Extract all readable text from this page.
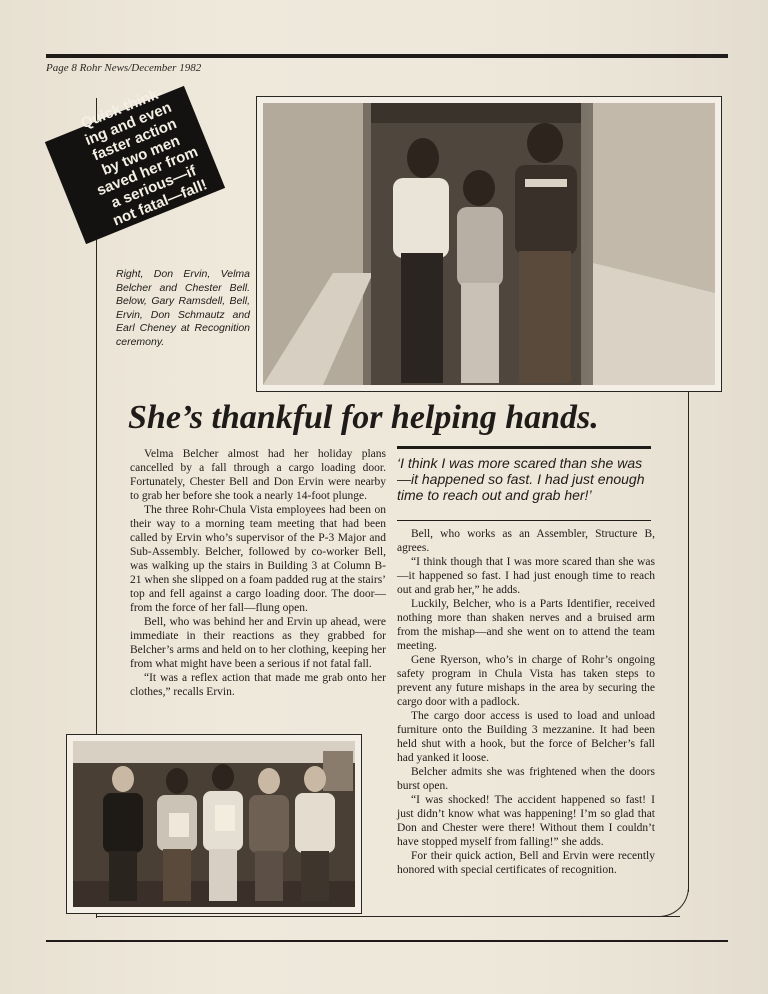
Page 8 Rohr News/December 1982
Quick think-
ing and even
faster action
by two men
saved her from
a serious—if
not fatal—fall!
Right, Don Ervin, Velma Belcher and Chester Bell. Below, Gary Ramsdell, Bell, Ervin, Don Schmautz and Earl Cheney at Recognition ceremony.
She’s thankful for helping hands.

Velma Belcher almost had her holiday plans cancelled by a fall through a cargo loading door. Fortunately, Chester Bell and Don Ervin were nearby to grab her before she took a nearly 14-foot plunge.

The three Rohr-Chula Vista employees had been on their way to a morning team meeting that had been called by Ervin who’s supervisor of the P-3 Major and Sub-Assembly. Belcher, followed by co-worker Bell, was walking up the stairs in Building 3 at Column B-21 when she slipped on a foam padded rug at the stairs’ top and fell against a cargo loading door. The door—from the force of her fall—flung open.

Bell, who was behind her and Ervin up ahead, were immediate in their reactions as they grabbed for Belcher’s arms and held on to her clothing, keeping her from what might have been a serious if not fatal fall.

“It was a reflex action that made me grab onto her clothes,” recalls Ervin.

‘I think I was more scared than she was—it happened so fast. I had just enough time to reach out and grab her!’

Bell, who works as an Assembler, Structure B, agrees.

“I think though that I was more scared than she was—it happened so fast. I had just enough time to reach out and grab her,” he adds.

Luckily, Belcher, who is a Parts Identifier, received nothing more than shaken nerves and a bruised arm from the mishap—and she went on to attend the team meeting.

Gene Ryerson, who’s in charge of Rohr’s ongoing safety program in Chula Vista has taken steps to prevent any future mishaps in the area by securing the cargo door with a padlock.

The cargo door access is used to load and unload furniture onto the Building 3 mezzanine. It had been held shut with a hook, but the force of Belcher’s fall had yanked it loose.

Belcher admits she was frightened when the doors burst open.

“I was shocked! The accident happened so fast! I just didn’t know what was happening! I’m so glad that Don and Chester were there! Without them I couldn’t have stopped myself from falling!” she adds.

For their quick action, Bell and Ervin were recently honored with special certificates of recognition.
